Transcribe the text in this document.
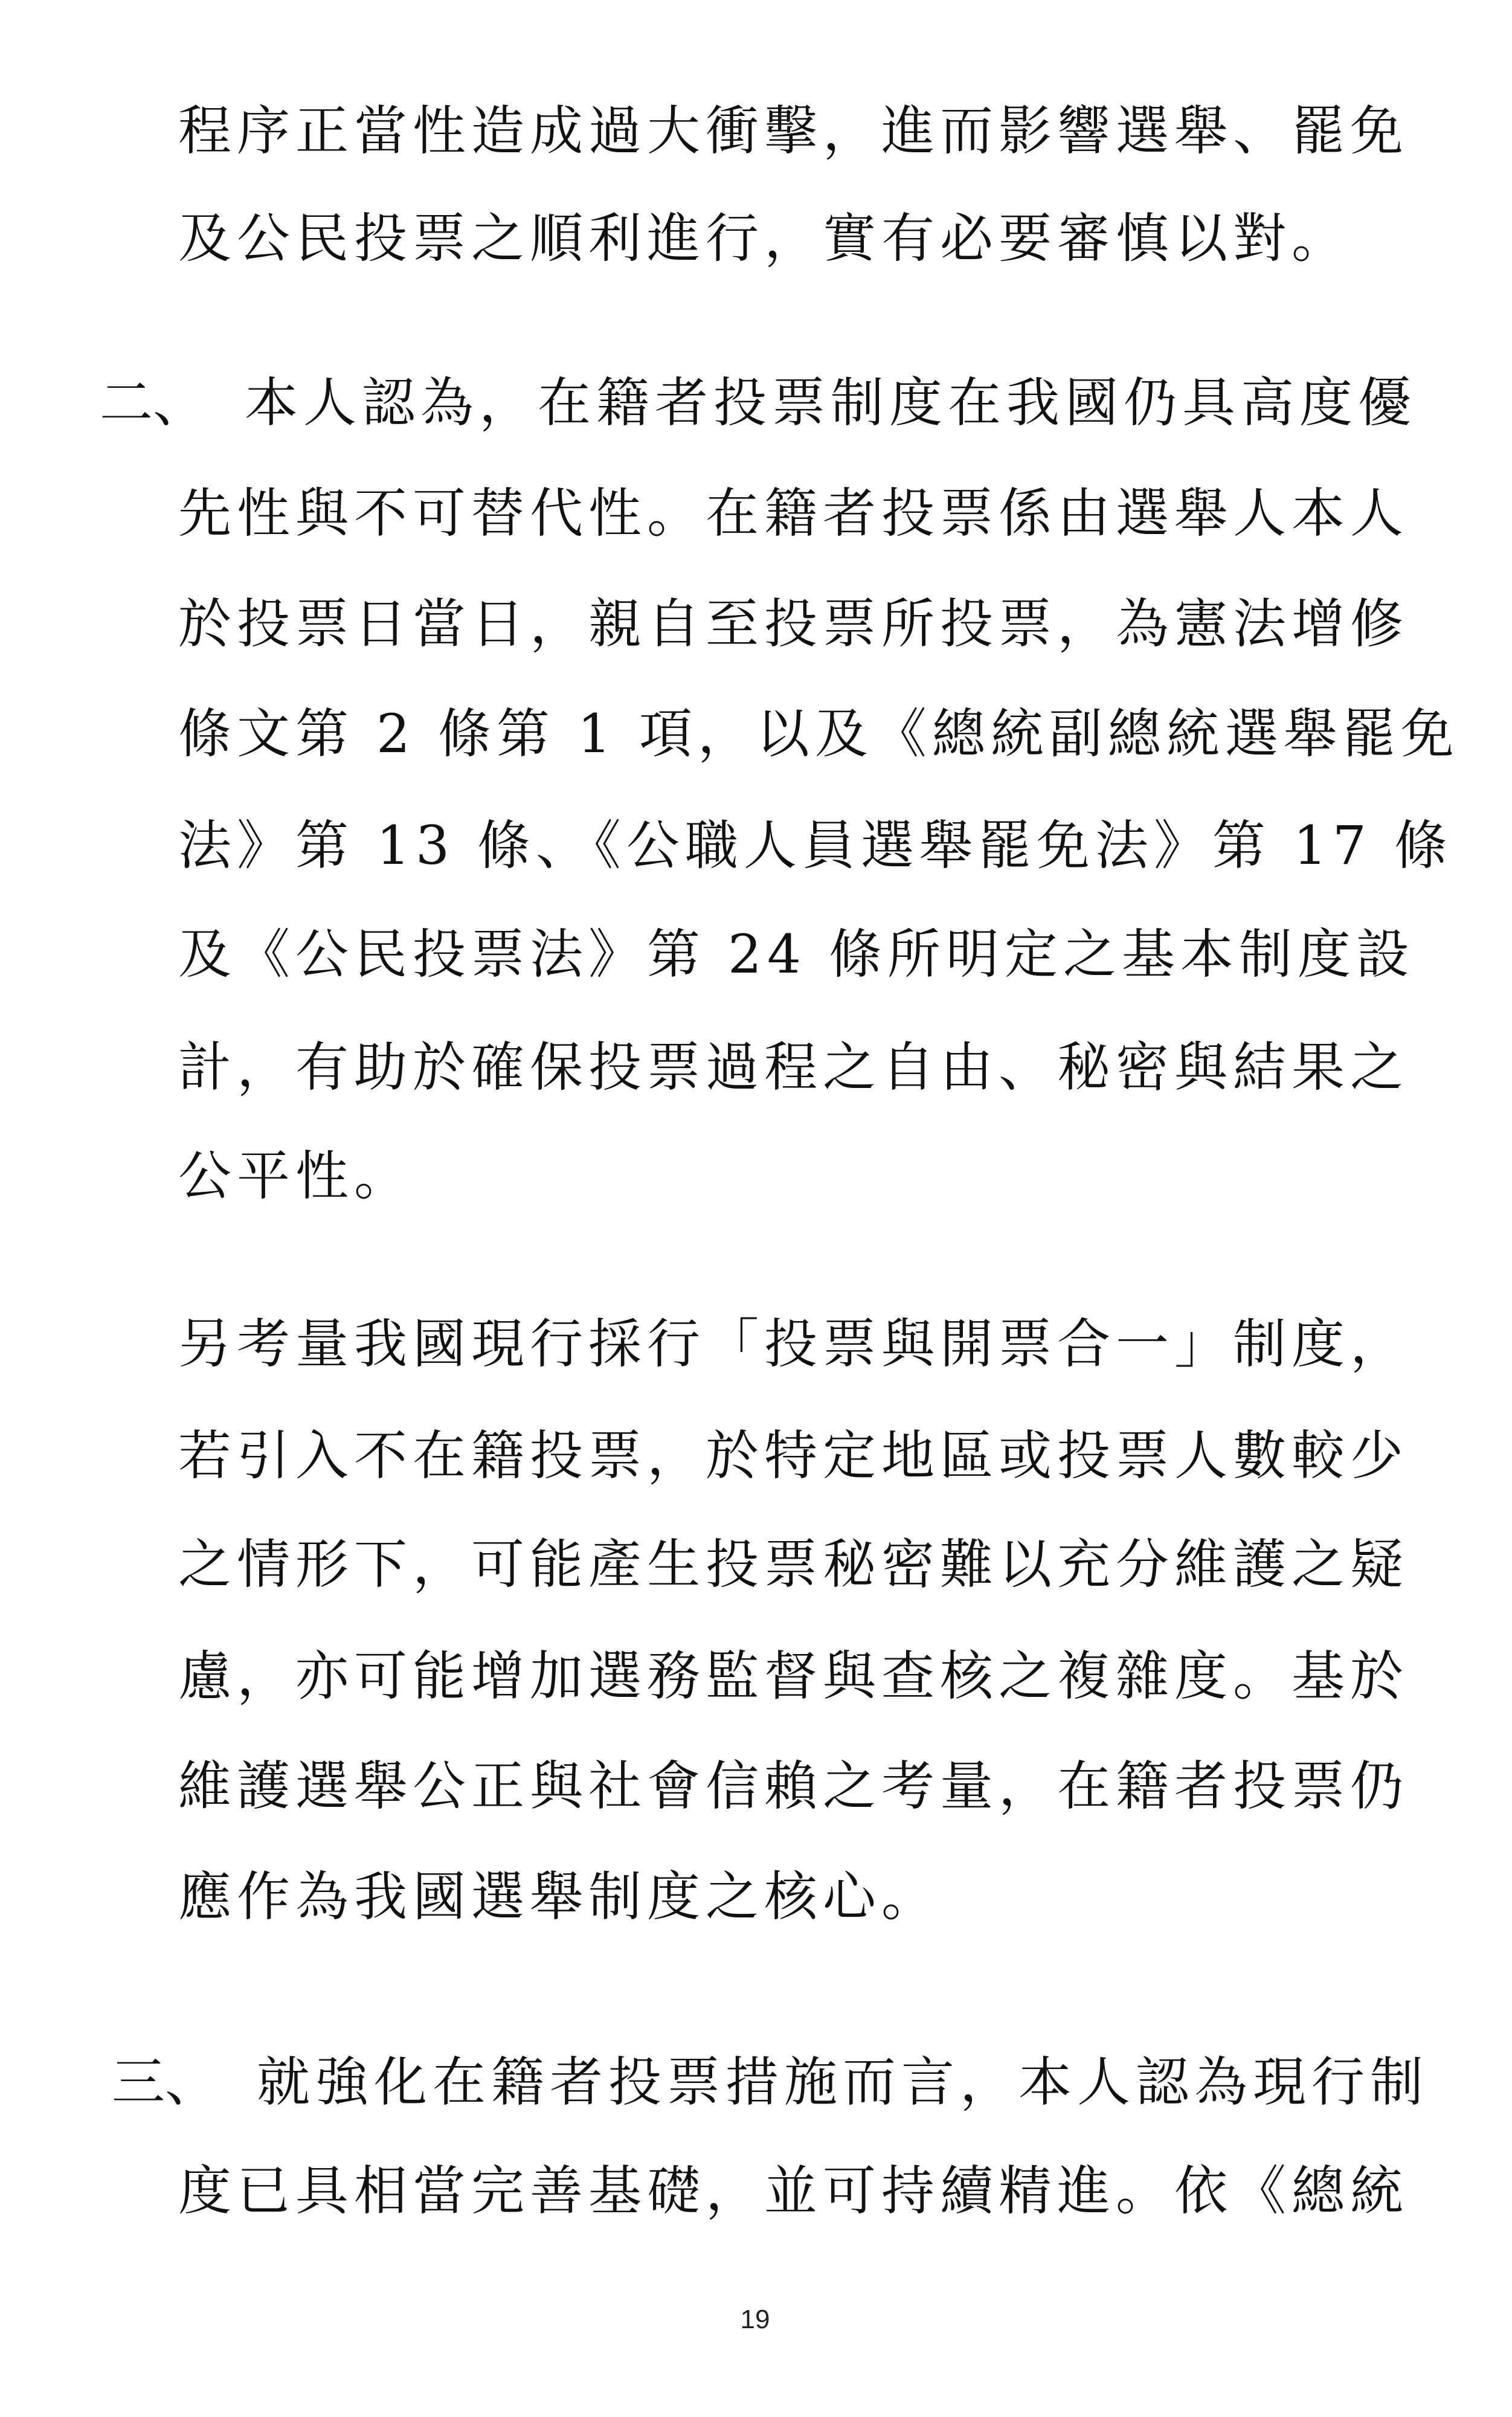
程序正當性造成過大衝擊，進而影響選舉、罷免
及公民投票之順利進行，實有必要審慎以對。
二、 本人認為，在籍者投票制度在我國仍具高度優
先性與不可替代性。在籍者投票係由選舉人本人
於投票日當日，親自至投票所投票，為憲法增修
條文第 2 條第 1 項，以及《總統副總統選舉罷免
法》第 13 條、《公職人員選舉罷免法》第 17 條
及《公民投票法》第 24 條所明定之基本制度設
計，有助於確保投票過程之自由、秘密與結果之
公平性。
另考量我國現行採行「投票與開票合一」制度，
若引入不在籍投票，於特定地區或投票人數較少
之情形下，可能產生投票秘密難以充分維護之疑
慮，亦可能增加選務監督與查核之複雜度。基於
維護選舉公正與社會信賴之考量，在籍者投票仍
應作為我國選舉制度之核心。
三、 就強化在籍者投票措施而言，本人認為現行制
度已具相當完善基礎，並可持續精進。依《總統
19
